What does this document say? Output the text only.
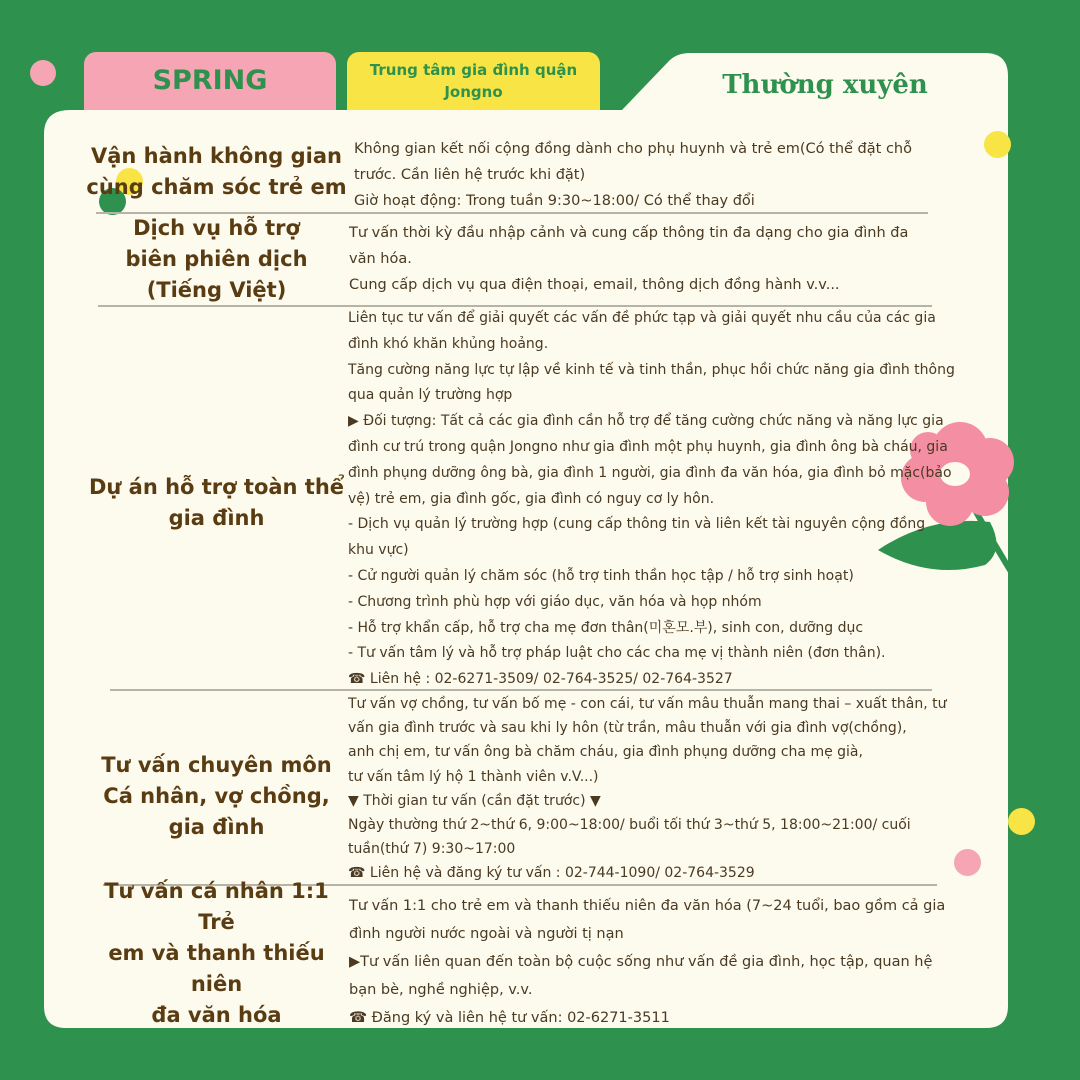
SPRING	Trung tâm gia đình quận
Jongno	Thường xuyên
Vận hành không gian
cùng chăm sóc trẻ em

Không gian kết nối cộng đồng dành cho phụ huynh và trẻ em(Có thể đặt chỗ

trước. Cần liên hệ trước khi đặt)

Giờ hoạt động: Trong tuần 9:30~18:00/ Có thể thay đổi

Dịch vụ hỗ trợ
biên phiên dịch
(Tiếng Việt)

Tư vấn thời kỳ đầu nhập cảnh và cung cấp thông tin đa dạng cho gia đình đa

văn hóa.

Cung cấp dịch vụ qua điện thoại, email, thông dịch đồng hành v.v...

Dự án hỗ trợ toàn thể
gia đình

Liên tục tư vấn để giải quyết các vấn đề phức tạp và giải quyết nhu cầu của các gia

đình khó khăn khủng hoảng.

Tăng cường năng lực tự lập về kinh tế và tinh thần, phục hồi chức năng gia đình thông

qua quản lý trường hợp

▶ Đối tượng: Tất cả các gia đình cần hỗ trợ để tăng cường chức năng và năng lực gia

đình cư trú trong quận Jongno như gia đình một phụ huynh, gia đình ông bà cháu, gia

đình phụng dưỡng ông bà, gia đình 1 người, gia đình đa văn hóa, gia đình bỏ mặc(bảo

vệ) trẻ em, gia đình gốc, gia đình có nguy cơ ly hôn.

- Dịch vụ quản lý trường hợp (cung cấp thông tin và liên kết tài nguyên cộng đồng

khu vực)

- Cử người quản lý chăm sóc (hỗ trợ tinh thần học tập / hỗ trợ sinh hoạt)

- Chương trình phù hợp với giáo dục, văn hóa và họp nhóm

- Hỗ trợ khẩn cấp, hỗ trợ cha mẹ đơn thân(미혼모.부), sinh con, dưỡng dục

- Tư vấn tâm lý và hỗ trợ pháp luật cho các cha mẹ vị thành niên (đơn thân).

☎ Liên hệ : 02-6271-3509/ 02-764-3525/ 02-764-3527

Tư vấn chuyên môn
Cá nhân, vợ chồng,
gia đình

Tư vấn vợ chồng, tư vấn bố mẹ - con cái, tư vấn mâu thuẫn mang thai – xuất thân, tư

vấn gia đình trước và sau khi ly hôn (từ trần, mâu thuẫn với gia đình vợ(chồng),

anh chị em, tư vấn ông bà chăm cháu, gia đình phụng dưỡng cha mẹ già,

tư vấn tâm lý hộ 1 thành viên v.V...)

▼ Thời gian tư vấn (cần đặt trước) ▼

Ngày thường thứ 2~thứ 6, 9:00~18:00/ buổi tối thứ 3~thứ 5, 18:00~21:00/ cuối

tuần(thứ 7) 9:30~17:00

☎ Liên hệ và đăng ký tư vấn : 02-744-1090/ 02-764-3529

Tư vấn cá nhân 1:1 Trẻ
em và thanh thiếu niên
đa văn hóa

Tư vấn 1:1 cho trẻ em và thanh thiếu niên đa văn hóa (7~24 tuổi, bao gồm cả gia

đình người nước ngoài và người tị nạn

▶Tư vấn liên quan đến toàn bộ cuộc sống như vấn đề gia đình, học tập, quan hệ

bạn bè, nghề nghiệp, v.v.

☎ Đăng ký và liên hệ tư vấn: 02-6271-3511
